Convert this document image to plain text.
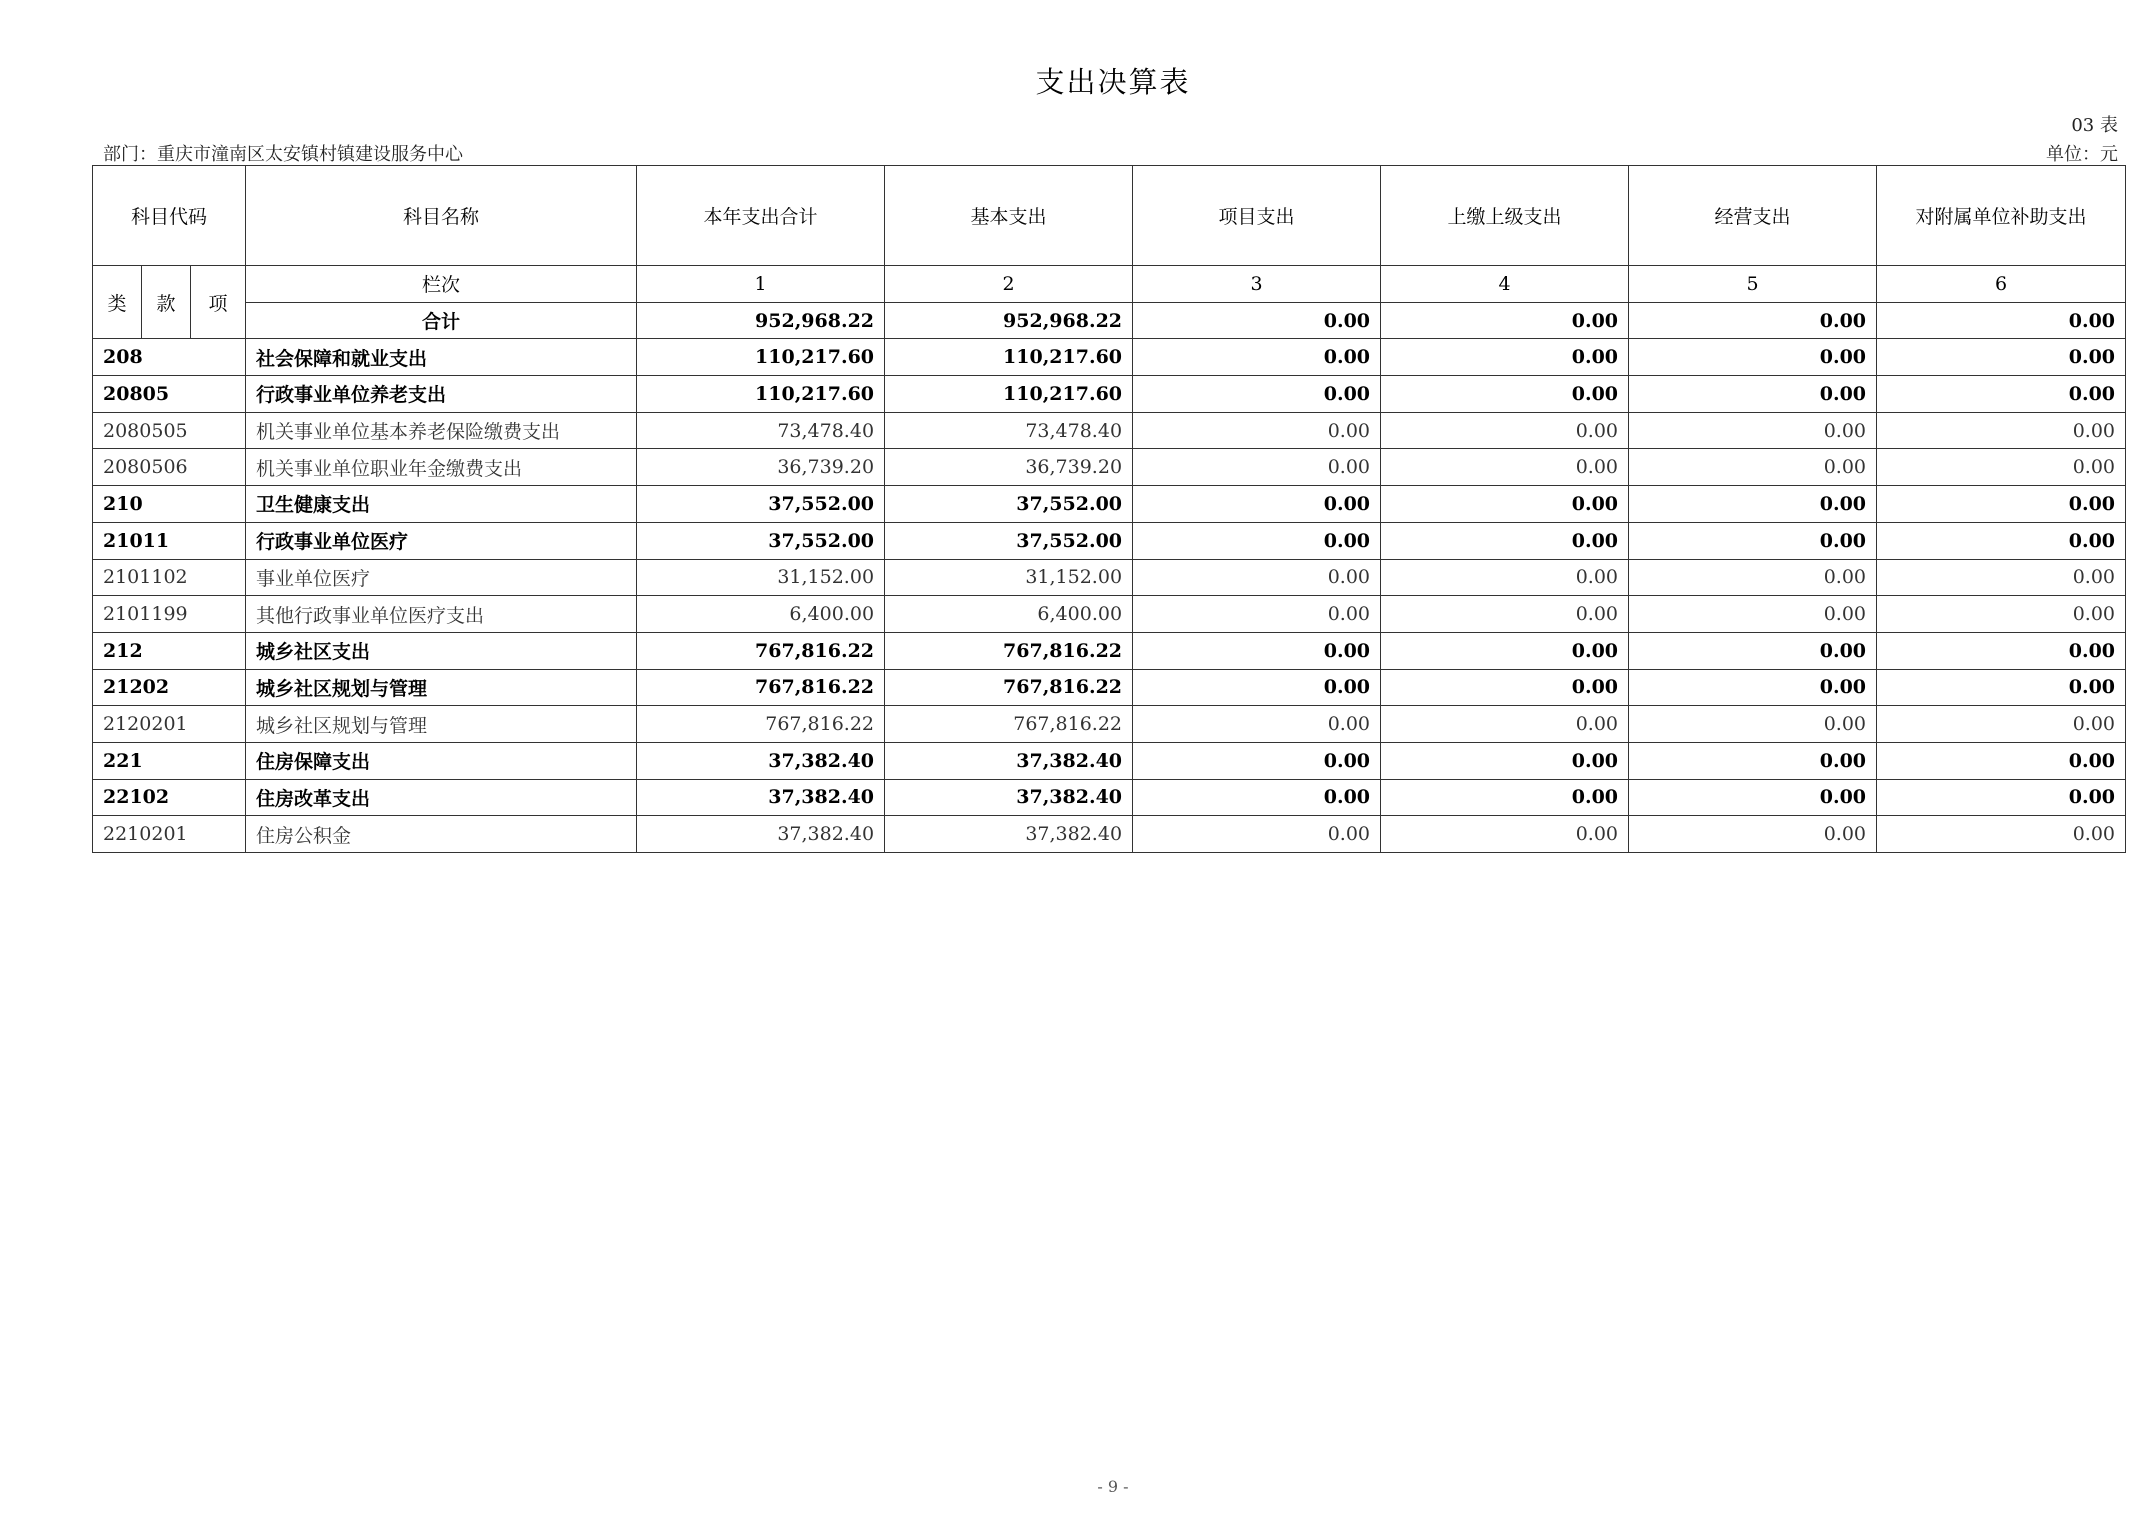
支出决算表
03 表
部门：重庆市潼南区太安镇村镇建设服务中心	单位：元
科目代码			科目名称	本年支出合计	基本支出	项目支出	上缴上级支出	经营支出	对附属单位补助支出
类	款	项	栏次	1	2	3	4	5	6
			合计	952,968.22	952,968.22	0.00	0.00	0.00	0.00
208			社会保障和就业支出	110,217.60	110,217.60	0.00	0.00	0.00	0.00
20805			行政事业单位养老支出	110,217.60	110,217.60	0.00	0.00	0.00	0.00
2080505			机关事业单位基本养老保险缴费支出	73,478.40	73,478.40	0.00	0.00	0.00	0.00
2080506			机关事业单位职业年金缴费支出	36,739.20	36,739.20	0.00	0.00	0.00	0.00
210			卫生健康支出	37,552.00	37,552.00	0.00	0.00	0.00	0.00
21011			行政事业单位医疗	37,552.00	37,552.00	0.00	0.00	0.00	0.00
2101102			事业单位医疗	31,152.00	31,152.00	0.00	0.00	0.00	0.00
2101199			其他行政事业单位医疗支出	6,400.00	6,400.00	0.00	0.00	0.00	0.00
212			城乡社区支出	767,816.22	767,816.22	0.00	0.00	0.00	0.00
21202			城乡社区规划与管理	767,816.22	767,816.22	0.00	0.00	0.00	0.00
2120201			城乡社区规划与管理	767,816.22	767,816.22	0.00	0.00	0.00	0.00
221			住房保障支出	37,382.40	37,382.40	0.00	0.00	0.00	0.00
22102			住房改革支出	37,382.40	37,382.40	0.00	0.00	0.00	0.00
2210201			住房公积金	37,382.40	37,382.40	0.00	0.00	0.00	0.00
- 9 -
